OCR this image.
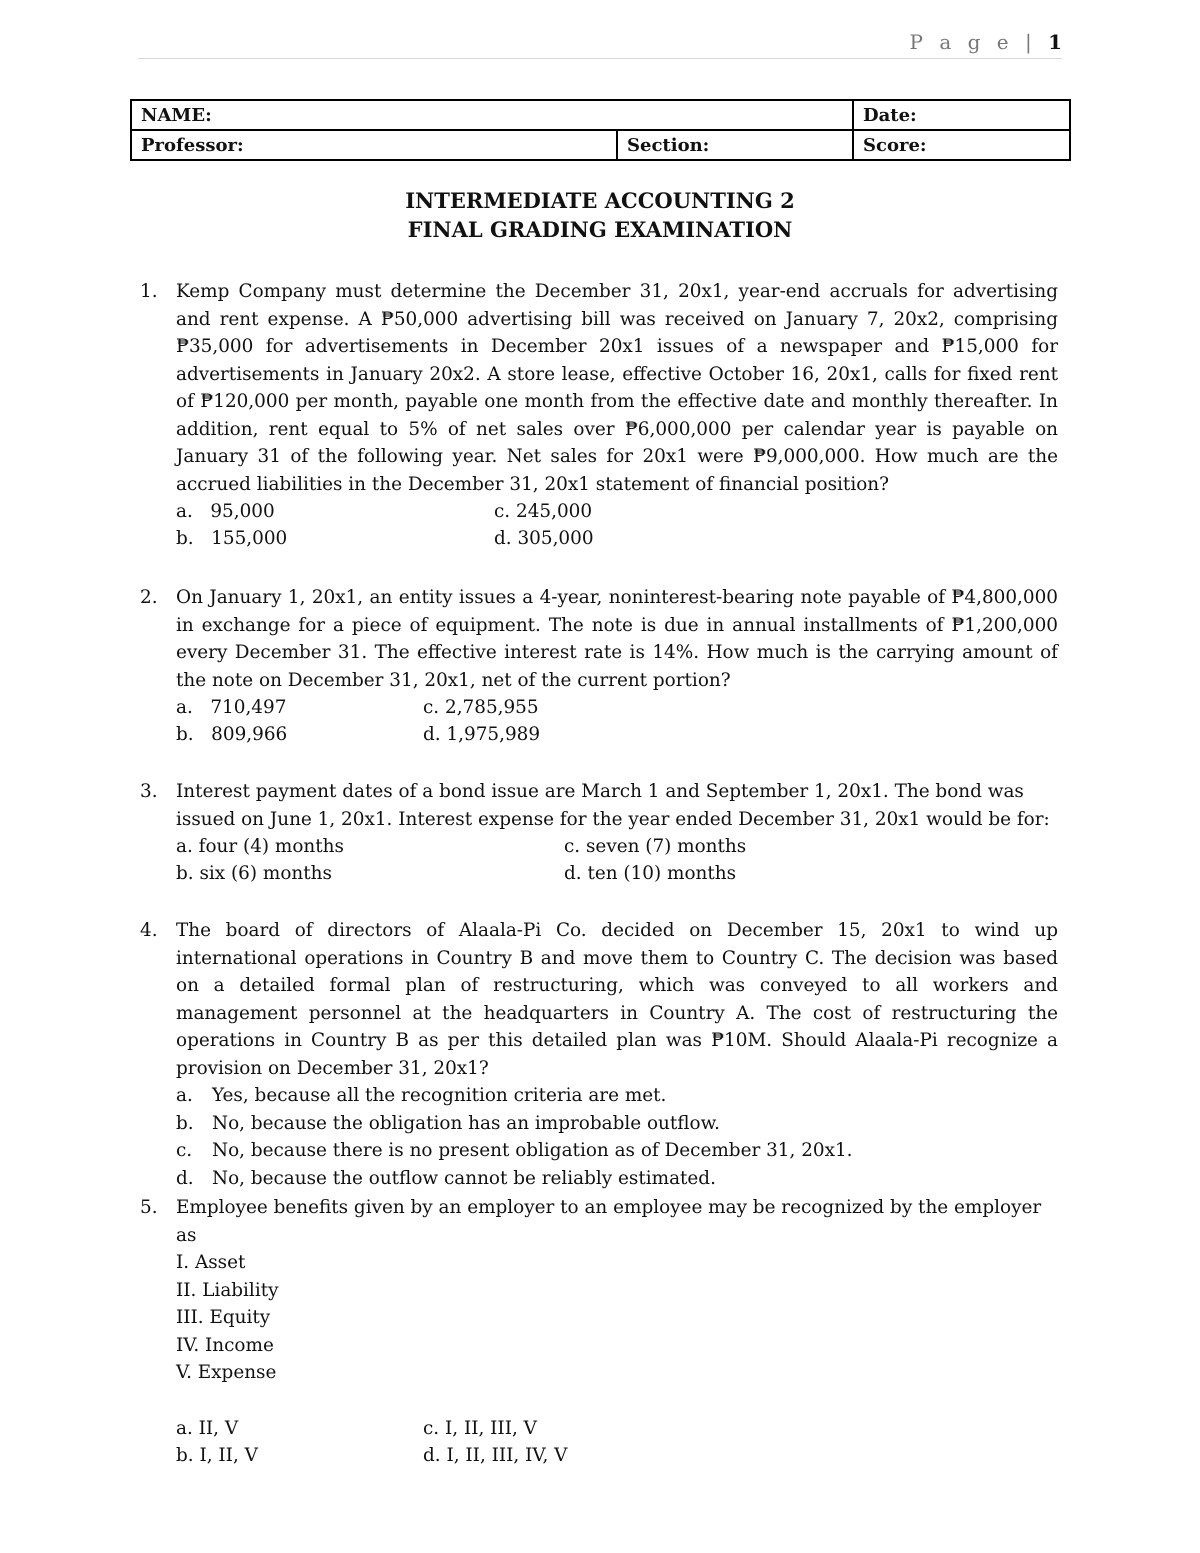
P a g e | 1
NAME:		Date:
Professor:	Section:	Score:
INTERMEDIATE ACCOUNTING 2
FINAL GRADING EXAMINATION
1. Kemp Company must determine the December 31, 20x1, year-end accruals for advertising and rent expense. A ₱50,000 advertising bill was received on January 7, 20x2, comprising ₱35,000 for advertisements in December 20x1 issues of a newspaper and ₱15,000 for advertisements in January 20x2. A store lease, effective October 16, 20x1, calls for fixed rent of ₱120,000 per month, payable one month from the effective date and monthly thereafter. In addition, rent equal to 5% of net sales over ₱6,000,000 per calendar year is payable on January 31 of the following year. Net sales for 20x1 were ₱9,000,000. How much are the accrued liabilities in the December 31, 20x1 statement of financial position?
a. 95,000
b. 155,000
c. 245,000
d. 305,000
2. On January 1, 20x1, an entity issues a 4-year, noninterest-bearing note payable of ₱4,800,000 in exchange for a piece of equipment. The note is due in annual installments of ₱1,200,000 every December 31. The effective interest rate is 14%. How much is the carrying amount of the note on December 31, 20x1, net of the current portion?
a. 710,497
b. 809,966
c. 2,785,955
d. 1,975,989
3. Interest payment dates of a bond issue are March 1 and September 1, 20x1. The bond was issued on June 1, 20x1. Interest expense for the year ended December 31, 20x1 would be for:
a. four (4) months
b. six (6) months
c. seven (7) months
d. ten (10) months
4. The board of directors of Alaala-Pi Co. decided on December 15, 20x1 to wind up international operations in Country B and move them to Country C. The decision was based on a detailed formal plan of restructuring, which was conveyed to all workers and management personnel at the headquarters in Country A. The cost of restructuring the operations in Country B as per this detailed plan was ₱10M. Should Alaala-Pi recognize a provision on December 31, 20x1?
a. Yes, because all the recognition criteria are met.
b. No, because the obligation has an improbable outflow.
c. No, because there is no present obligation as of December 31, 20x1.
d. No, because the outflow cannot be reliably estimated.
5. Employee benefits given by an employer to an employee may be recognized by the employer as
I. Asset
II. Liability
III. Equity
IV. Income
V. Expense
a. II, V
b. I, II, V
c. I, II, III, V
d. I, II, III, IV, V
